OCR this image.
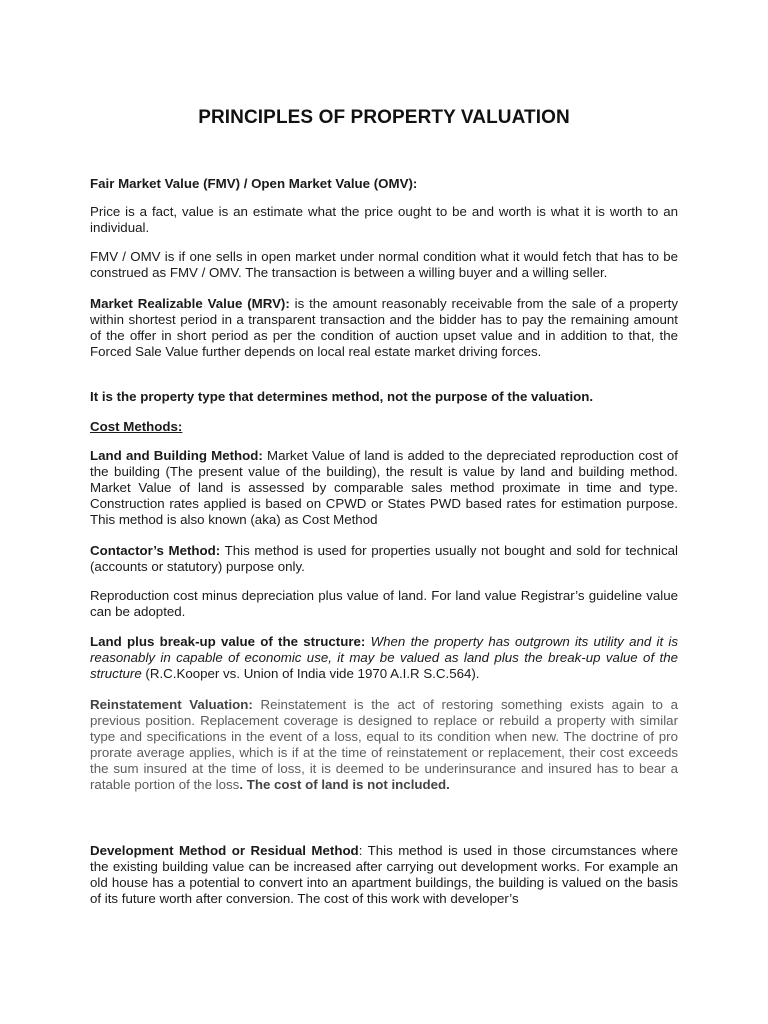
PRINCIPLES OF PROPERTY VALUATION

Fair Market Value (FMV) / Open Market Value (OMV):

Price is a fact, value is an estimate what the price ought to be and worth is what it is worth to an individual.

FMV / OMV is if one sells in open market under normal condition what it would fetch that has to be construed as FMV / OMV. The transaction is between a willing buyer and a willing seller.

Market Realizable Value (MRV): is the amount reasonably receivable from the sale of a property within shortest period in a transparent transaction and the bidder has to pay the remaining amount of the offer in short period as per the condition of auction upset value and in addition to that, the Forced Sale Value further depends on local real estate market driving forces.

It is the property type that determines method, not the purpose of the valuation.

Cost Methods:

Land and Building Method: Market Value of land is added to the depreciated reproduction cost of the building (The present value of the building), the result is value by land and building method. Market Value of land is assessed by comparable sales method proximate in time and type. Construction rates applied is based on CPWD or States PWD based rates for estimation purpose. This method is also known (aka) as Cost Method

Contactor’s Method: This method is used for properties usually not bought and sold for technical (accounts or statutory) purpose only.

Reproduction cost minus depreciation plus value of land. For land value Registrar’s guideline value can be adopted.

Land plus break-up value of the structure: When the property has outgrown its utility and it is reasonably in capable of economic use, it may be valued as land plus the break-up value of the structure (R.C.Kooper vs. Union of India vide 1970 A.I.R S.C.564).

Reinstatement Valuation: Reinstatement is the act of restoring something exists again to a previous position. Replacement coverage is designed to replace or rebuild a property with similar type and specifications in the event of a loss, equal to its condition when new. The doctrine of pro prorate average applies, which is if at the time of reinstatement or replacement, their cost exceeds the sum insured at the time of loss, it is deemed to be underinsurance and insured has to bear a ratable portion of the loss. The cost of land is not included.

Development Method or Residual Method: This method is used in those circumstances where the existing building value can be increased after carrying out development works. For example an old house has a potential to convert into an apartment buildings, the building is valued on the basis of its future worth after conversion. The cost of this work with developer’s
